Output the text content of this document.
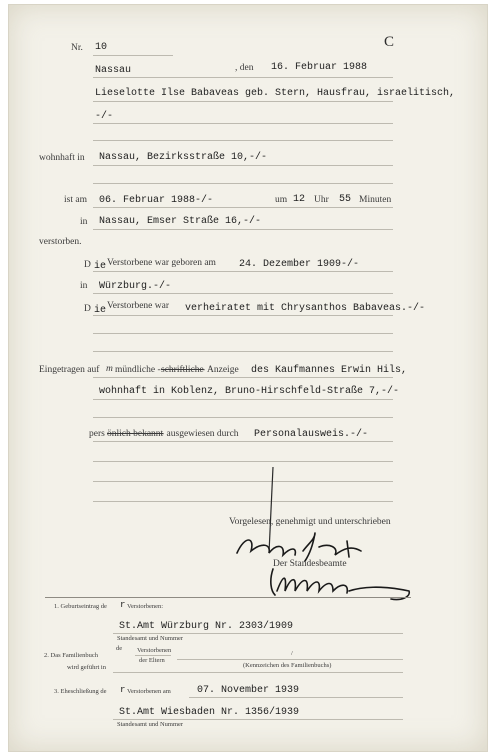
Nr. 10	C
Nassau	, den 16. Februar 1988
Lieselotte Ilse Babaveas geb. Stern, Hausfrau, israelitisch,
-/-
wohnhaft in Nassau, Bezirksstraße 10,-/-
ist am 06. Februar 1988-/-	um 12 Uhr 55 Minuten
in Nassau, Emser Straße 16,-/-
verstorben.
D ie Verstorbene war geboren am 24. Dezember 1909-/-
in Würzburg.-/-
D ie Verstorbene war verheiratet mit Chrysanthos Babaveas.-/-
Eingetragen auf m mündliche - schriftliche
- Anzeige des Kaufmannes Erwin Hils,
wohnhaft in Koblenz, Bruno-Hirschfeld-Straße 7,-/-
pers önlich bekannt
- ausgewiesen durch Personalausweis.-/-
Vorgelesen, genehmigt und unterschrieben
Der Standesbeamte
1. Geburtseintrag de r Verstorbenen:
St.Amt Würzburg Nr. 2303/1909
Standesamt und Nummer
2. Das Familienbuch
de Verstorbenen
der Eltern
/
(Kennzeichen des Familienbuchs)
wird geführt in
3. Eheschließung de r Verstorbenen am	07. November 1939
St.Amt Wiesbaden Nr. 1356/1939
Standesamt und Nummer
